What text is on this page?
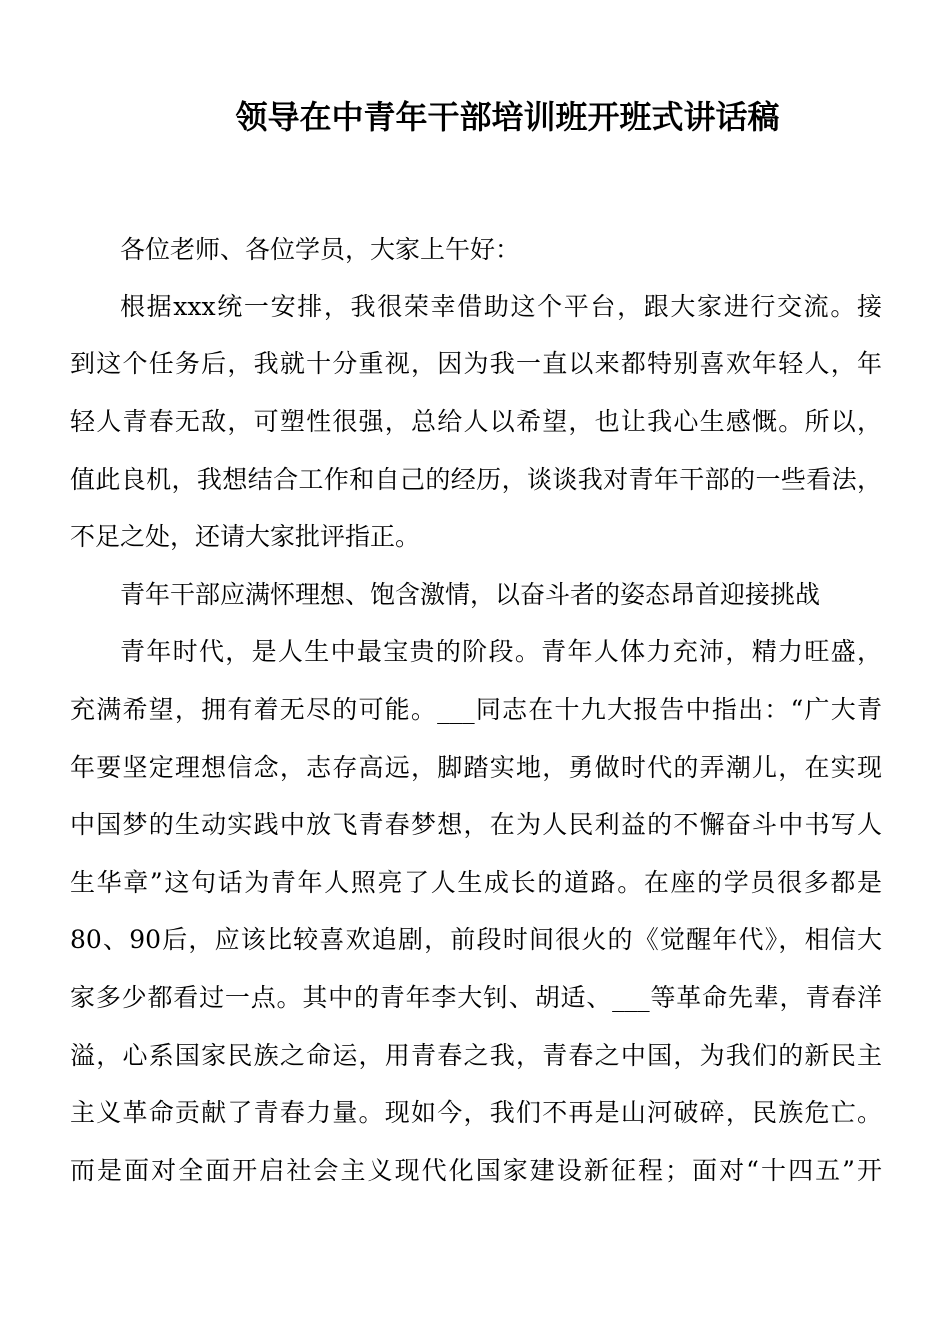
领导在中青年干部培训班开班式讲话稿
各位老师、各位学员，大家上午好：
根据xxx统一安排，我很荣幸借助这个平台，跟大家进行交流。接
到这个任务后，我就十分重视，因为我一直以来都特别喜欢年轻人，年
轻人青春无敌，可塑性很强，总给人以希望，也让我心生感慨。所以，
值此良机，我想结合工作和自己的经历，谈谈我对青年干部的一些看法，
不足之处，还请大家批评指正。
青年干部应满怀理想、饱含激情，以奋斗者的姿态昂首迎接挑战
青年时代，是人生中最宝贵的阶段。青年人体力充沛，精力旺盛，
充满希望，拥有着无尽的可能。___同志在十九大报告中指出：“广大青
年要坚定理想信念，志存高远，脚踏实地，勇做时代的弄潮儿，在实现
中国梦的生动实践中放飞青春梦想，在为人民利益的不懈奋斗中书写人
生华章”这句话为青年人照亮了人生成长的道路。在座的学员很多都是
80、90后，应该比较喜欢追剧，前段时间很火的《觉醒年代》，相信大
家多少都看过一点。其中的青年李大钊、胡适、___等革命先辈，青春洋
溢，心系国家民族之命运，用青春之我，青春之中国，为我们的新民主
主义革命贡献了青春力量。现如今，我们不再是山河破碎，民族危亡。
而是面对全面开启社会主义现代化国家建设新征程；面对“十四五”开
